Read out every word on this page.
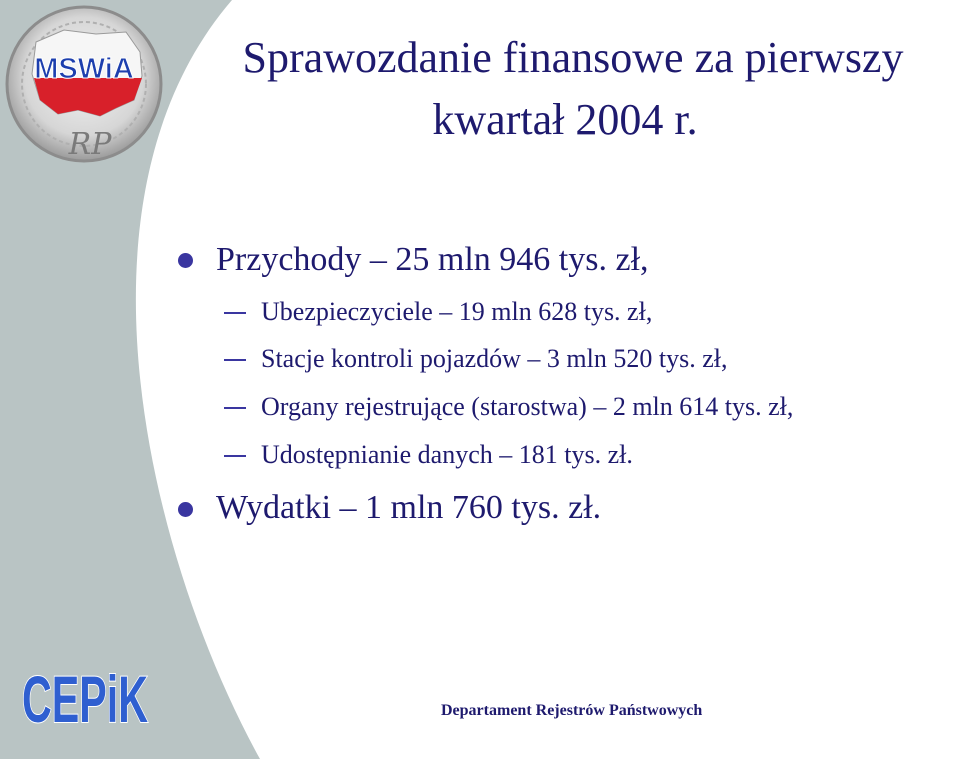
MSWiA
RP
Sprawozdanie finansowe za pierwszy
kwartał 2004 r.
Przychody – 25 mln 946 tys. zł,
Ubezpieczyciele – 19 mln 628 tys. zł,
Stacje kontroli pojazdów – 3 mln 520 tys. zł,
Organy rejestrujące (starostwa) – 2 mln 614 tys. zł,
Udostępnianie danych – 181 tys. zł.
Wydatki – 1 mln 760 tys. zł.
CEPiK	Departament Rejestrów Państwowych
